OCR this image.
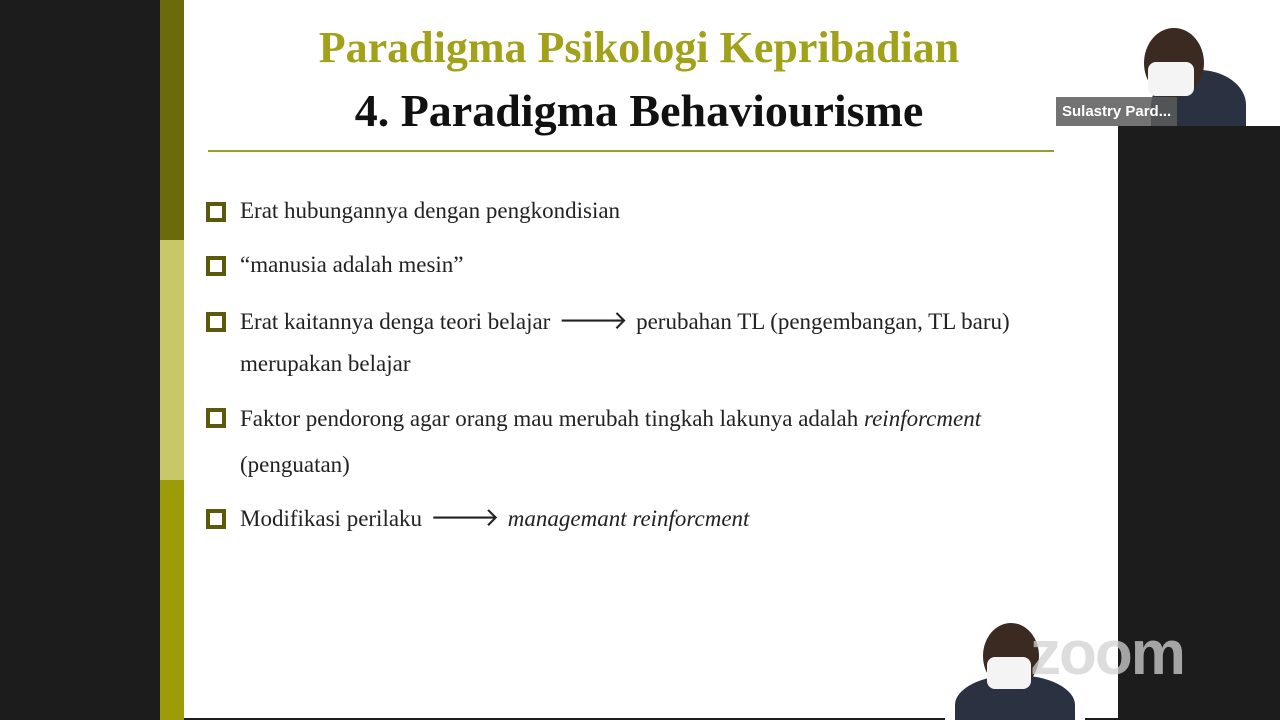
Paradigma Psikologi Kepribadian
4. Paradigma Behaviourisme
Erat hubungannya dengan pengkondisian
“manusia adalah mesin”
Erat kaitannya denga teori belajar 🡒 perubahan TL (pengembangan, TL baru)
merupakan belajar
Faktor pendorong agar orang mau merubah tingkah lakunya adalah reinforcment
(penguatan)
Modifikasi perilaku 🡒 managemant reinforcment
Sulastry Pard...
zoom
